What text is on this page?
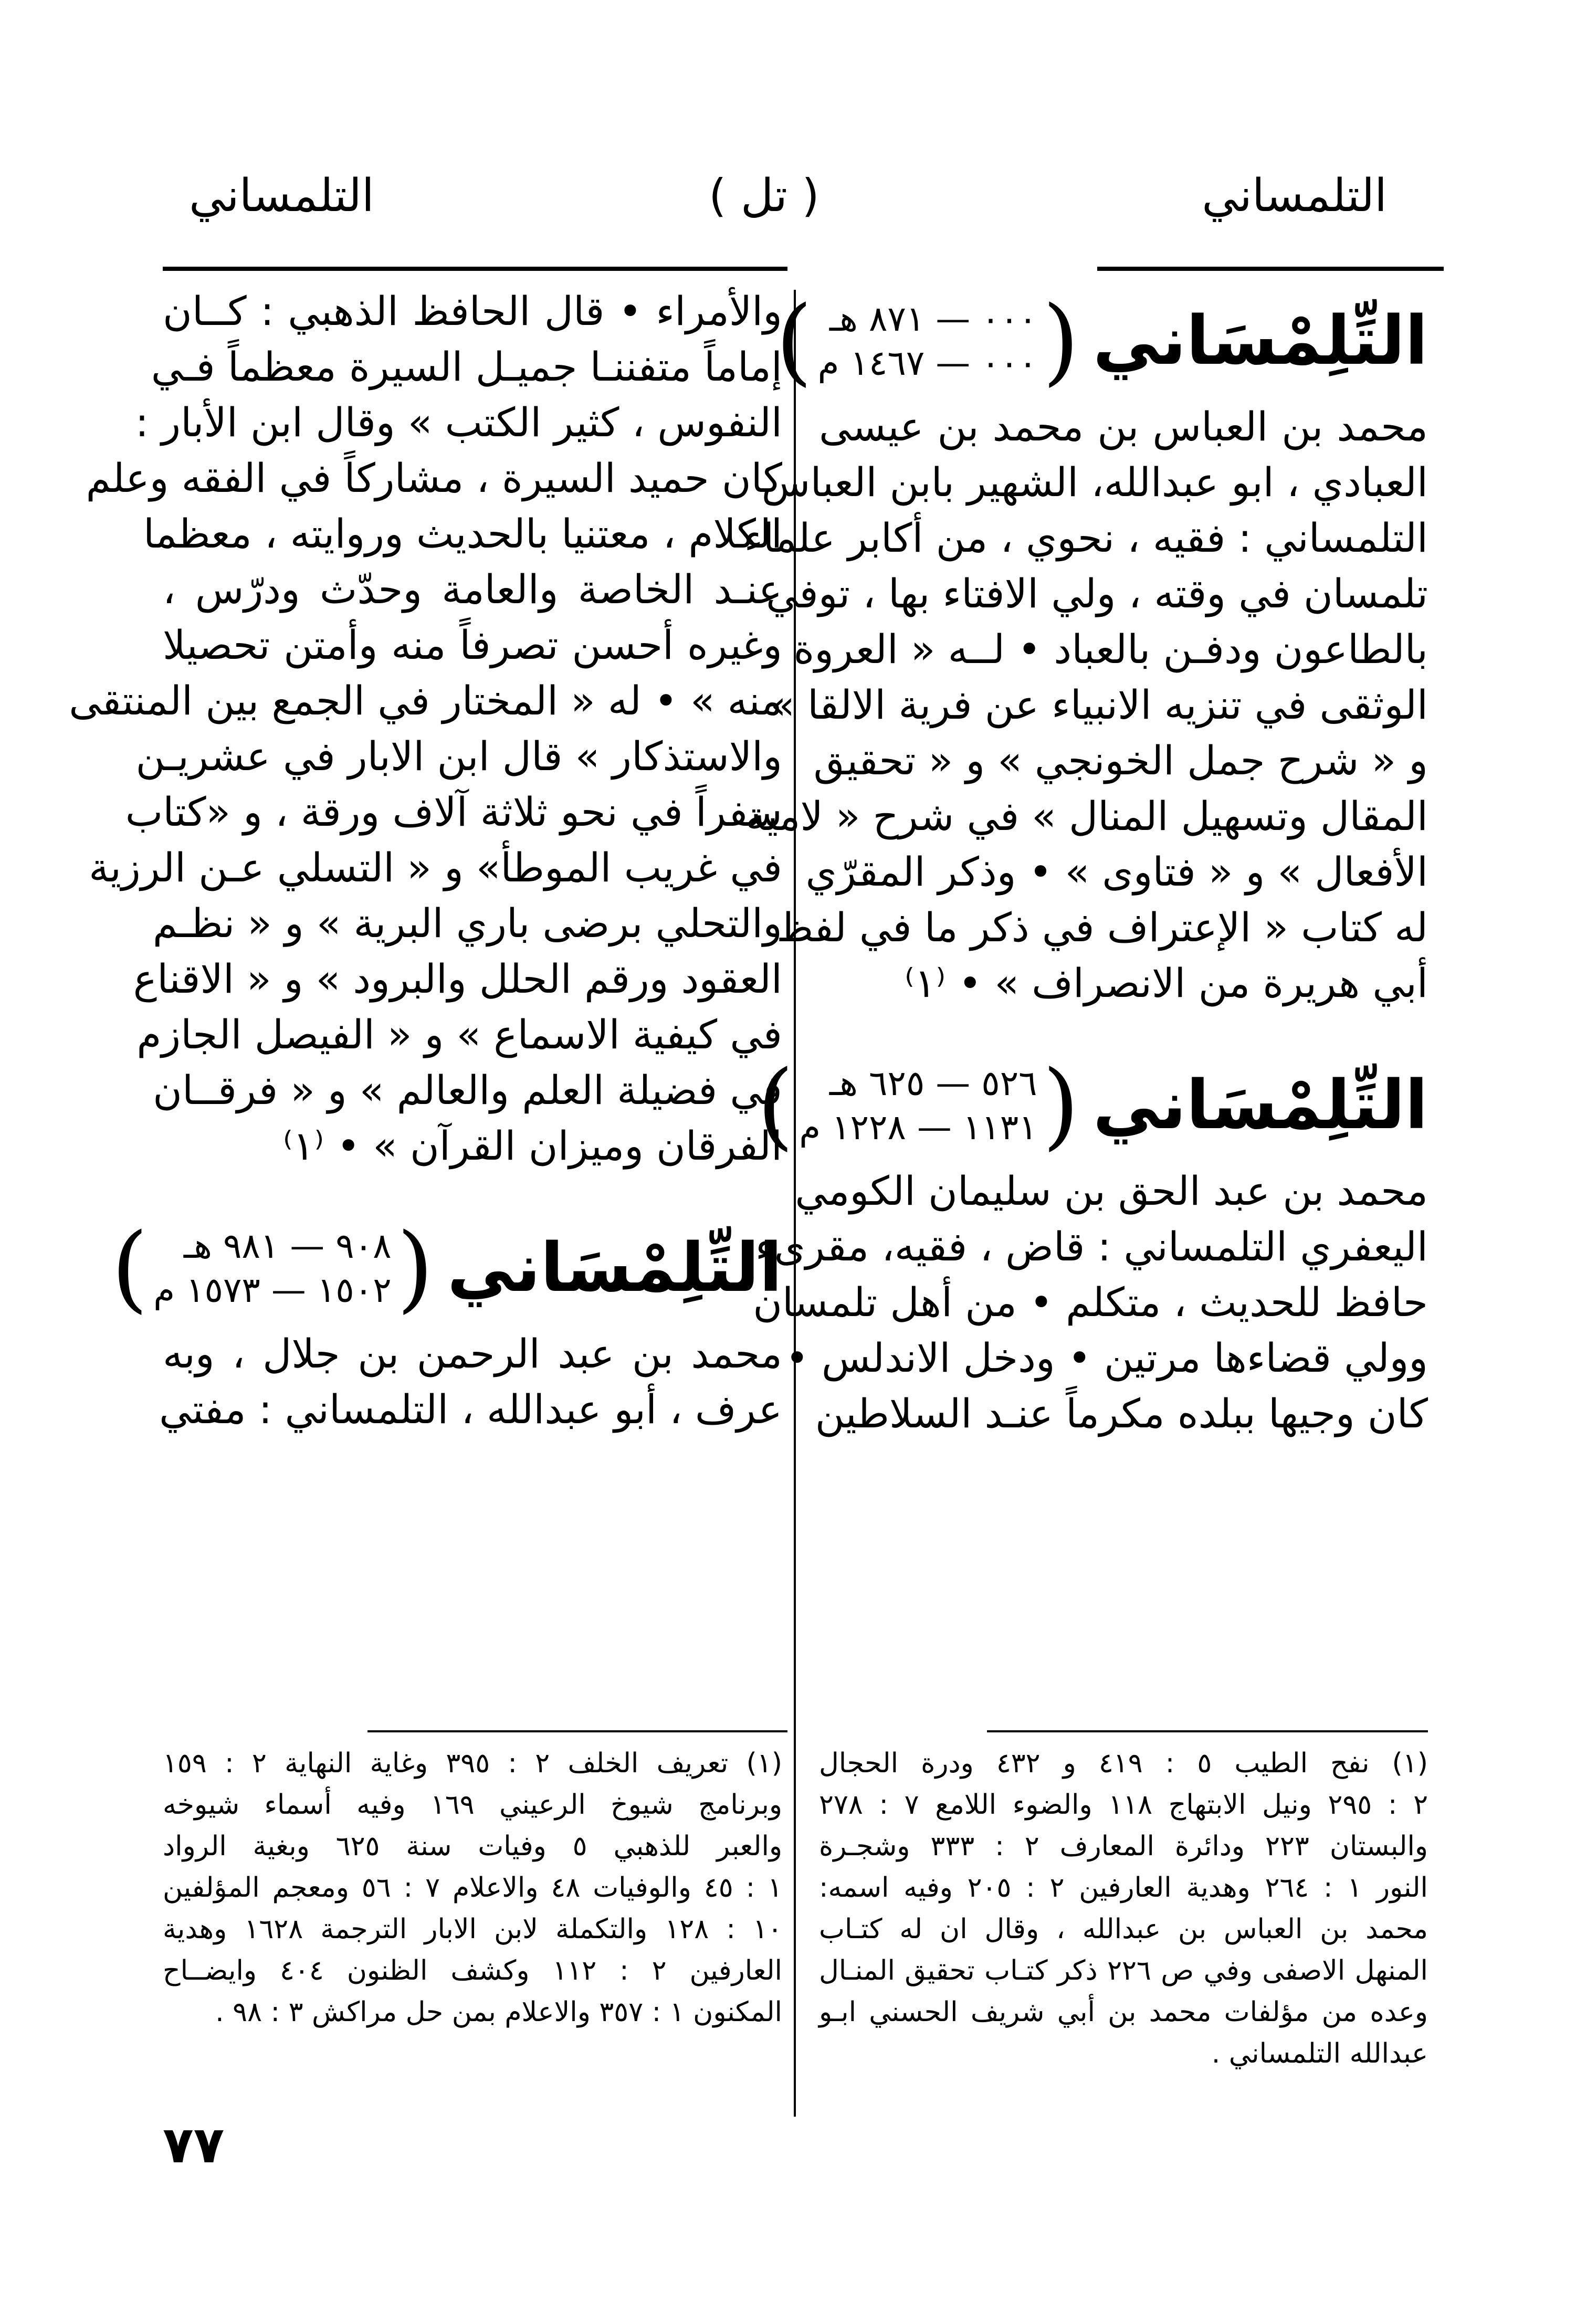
التلمساني
( تل )
التلمساني
التِّلِمْسَاني
(
٠٠٠ — ٨٧١ هـ
٠٠٠ — ١٤٦٧ م
)
محمد بن العباس بن محمد بن عيسى
العبادي ، ابو عبدالله، الشهير بابن العباس
التلمساني : فقيه ، نحوي ، من أكابر علماء
تلمسان في وقته ، ولي الافتاء بها ، توفي
بالطاعون ودفـن بالعباد • لــه « العروة
الوثقى في تنزيه الانبياء عن فرية الالقا »
و « شرح جمل الخونجي » و « تحقيق
المقال وتسهيل المنال » في شرح « لامية
الأفعال » و « فتاوى » • وذكر المقرّي
له كتاب « الإعتراف في ذكر ما في لفظ
أبي هريرة من الانصراف » • ⁽١⁾
التِّلِمْسَاني
(
٥٢٦ — ٦٢٥ هـ
١١٣١ — ١٢٢٨ م
)
محمد بن عبد الحق بن سليمان الكومي
اليعفري التلمساني : قاض ، فقيه، مقرىء،
حافظ للحديث ، متكلم • من أهل تلمسان
وولي قضاءها مرتين • ودخل الاندلس •
كان وجيها ببلده مكرماً عنـد السلاطين
والأمراء • قال الحافظ الذهبي : كــان
إماماً متفننـا جميـل السيرة معظماً فـي
النفوس ، كثير الكتب » وقال ابن الأبار :
كان حميد السيرة ، مشاركاً في الفقه وعلم
الكلام ، معتنيا بالحديث وروايته ، معظما
عنـد الخاصة والعامة وحدّث ودرّس ،
وغيره أحسن تصرفاً منه وأمتن تحصيلا
منه » • له « المختار في الجمع بين المنتقى
والاستذكار » قال ابن الابار في عشريـن
سفراً في نحو ثلاثة آلاف ورقة ، و «كتاب
في غريب الموطأ» و « التسلي عـن الرزية
والتحلي برضى باري البرية » و « نظـم
العقود ورقم الحلل والبرود » و « الاقناع
في كيفية الاسماع » و « الفيصل الجازم
في فضيلة العلم والعالم » و « فرقــان
الفرقان وميزان القرآن » • ⁽١⁾
التِّلِمْسَاني
(
٩٠٨ — ٩٨١ هـ
١٥٠٢ — ١٥٧٣ م
)
محمد بن عبد الرحمن بن جلال ، وبه
عرف ، أبو عبدالله ، التلمساني : مفتي
(١) نفح الطيب ٥ : ٤١٩ و ٤٣٢ ودرة الحجال
٢ : ٢٩٥ ونيل الابتهاج ١١٨ والضوء اللامع ٧ : ٢٧٨
والبستان ٢٢٣ ودائرة المعارف ٢ : ٣٣٣ وشجـرة
النور ١ : ٢٦٤ وهدية العارفين ٢ : ٢٠٥ وفيه اسمه:
محمد بن العباس بن عبدالله ، وقال ان له كتـاب
المنهل الاصفى وفي ص ٢٢٦ ذكر كتـاب تحقيق المنـال
وعده من مؤلفات محمد بن أبي شريف الحسني ابـو
عبدالله التلمساني .
(١) تعريف الخلف ٢ : ٣٩٥ وغاية النهاية ٢ : ١٥٩
وبرنامج شيوخ الرعيني ١٦٩ وفيه أسماء شيوخه
والعبر للذهبي ٥ وفيات سنة ٦٢٥ وبغية الرواد
١ : ٤٥ والوفيات ٤٨ والاعلام ٧ : ٥٦ ومعجم المؤلفين
١٠ : ١٢٨ والتكملة لابن الابار الترجمة ١٦٢٨ وهدية
العارفين ٢ : ١١٢ وكشف الظنون ٤٠٤ وايضــاح
المكنون ١ : ٣٥٧ والاعلام بمن حل مراكش ٣ : ٩٨ .
٧٧
